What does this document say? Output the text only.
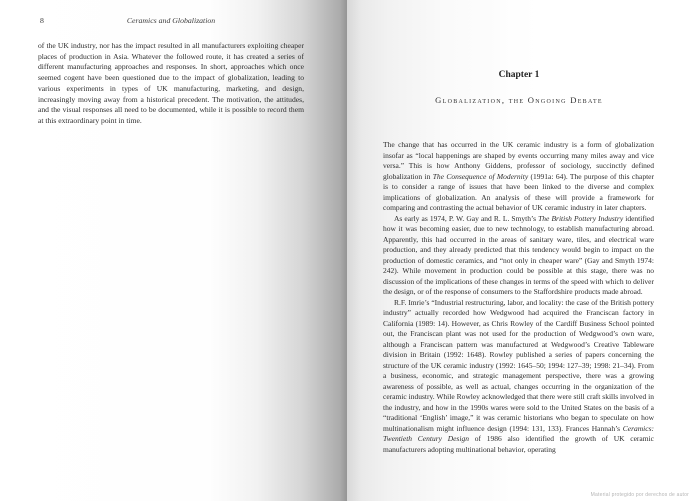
8	Ceramics and Globalization

of the UK industry, nor has the impact resulted in all manufacturers exploiting cheaper places of production in Asia. Whatever the followed route, it has created a series of different manufacturing approaches and responses. In short, approaches which once seemed cogent have been questioned due to the impact of globalization, leading to various experiments in types of UK manufacturing, marketing, and design, increasingly moving away from a historical precedent. The motivation, the attitudes, and the visual responses all need to be documented, while it is possible to record them at this extraordinary point in time.

Chapter 1
Globalization, the Ongoing Debate

The change that has occurred in the UK ceramic industry is a form of globalization insofar as “local happenings are shaped by events occurring many miles away and vice versa.” This is how Anthony Giddens, professor of sociology, succinctly defined globalization in The Consequence of Modernity (1991a: 64). The purpose of this chapter is to consider a range of issues that have been linked to the diverse and complex implications of globalization. An analysis of these will provide a framework for comparing and contrasting the actual behavior of UK ceramic industry in later chapters.

As early as 1974, P. W. Gay and R. L. Smyth’s The British Pottery Industry identified how it was becoming easier, due to new technology, to establish manufacturing abroad. Apparently, this had occurred in the areas of sanitary ware, tiles, and electrical ware production, and they already predicted that this tendency would begin to impact on the production of domestic ceramics, and “not only in cheaper ware” (Gay and Smyth 1974: 242). While movement in production could be possible at this stage, there was no discussion of the implications of these changes in terms of the speed with which to deliver the design, or of the response of consumers to the Staffordshire products made abroad.

R.F. Imrie’s “Industrial restructuring, labor, and locality: the case of the British pottery industry” actually recorded how Wedgwood had acquired the Franciscan factory in California (1989: 14). However, as Chris Rowley of the Cardiff Business School pointed out, the Franciscan plant was not used for the production of Wedgwood’s own ware, although a Franciscan pattern was manufactured at Wedgwood’s Creative Tableware division in Britain (1992: 1648). Rowley published a series of papers concerning the structure of the UK ceramic industry (1992: 1645–50; 1994: 127–39; 1998: 21–34). From a business, economic, and strategic management perspective, there was a growing awareness of possible, as well as actual, changes occurring in the organization of the ceramic industry. While Rowley acknowledged that there were still craft skills involved in the industry, and how in the 1990s wares were sold to the United States on the basis of a “traditional ‘English’ image,” it was ceramic historians who began to speculate on how multinationalism might influence design (1994: 131, 133). Frances Hannah’s Ceramics: Twentieth Century Design of 1986 also identified the growth of UK ceramic manufacturers adopting multinational behavior, operating

Material protegido por derechos de autor
